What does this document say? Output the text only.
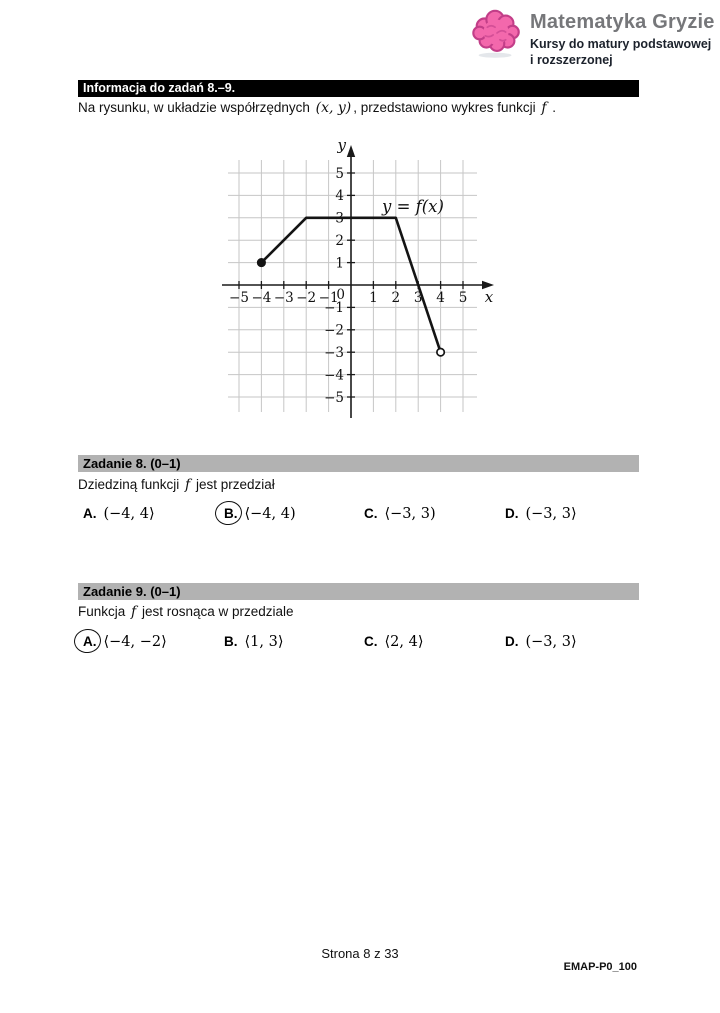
Matematyka Gryzie
Kursy do matury podstawowej
i rozszerzonej
Informacja do zadań 8.–9.
Na rysunku, w układzie współrzędnych (x, y) , przedstawiono wykres funkcji f .
−5 −4 −3 −2 −1 1 2 3 4 5
−5
−4
−3
−2
−1
1
2
3
4
5
0	x
y
y = f(x)
Zadanie 8. (0–1)
Dziedziną funkcji f jest przedział
A. (−4, 4⟩	B. ⟨−4, 4)	C. ⟨−3, 3)	D. (−3, 3⟩
Zadanie 9. (0–1)
Funkcja f jest rosnąca w przedziale
A. ⟨−4, −2⟩	B. ⟨1, 3⟩	C. ⟨2, 4⟩	D. (−3, 3⟩
Strona 8 z 33
EMAP-P0_100
